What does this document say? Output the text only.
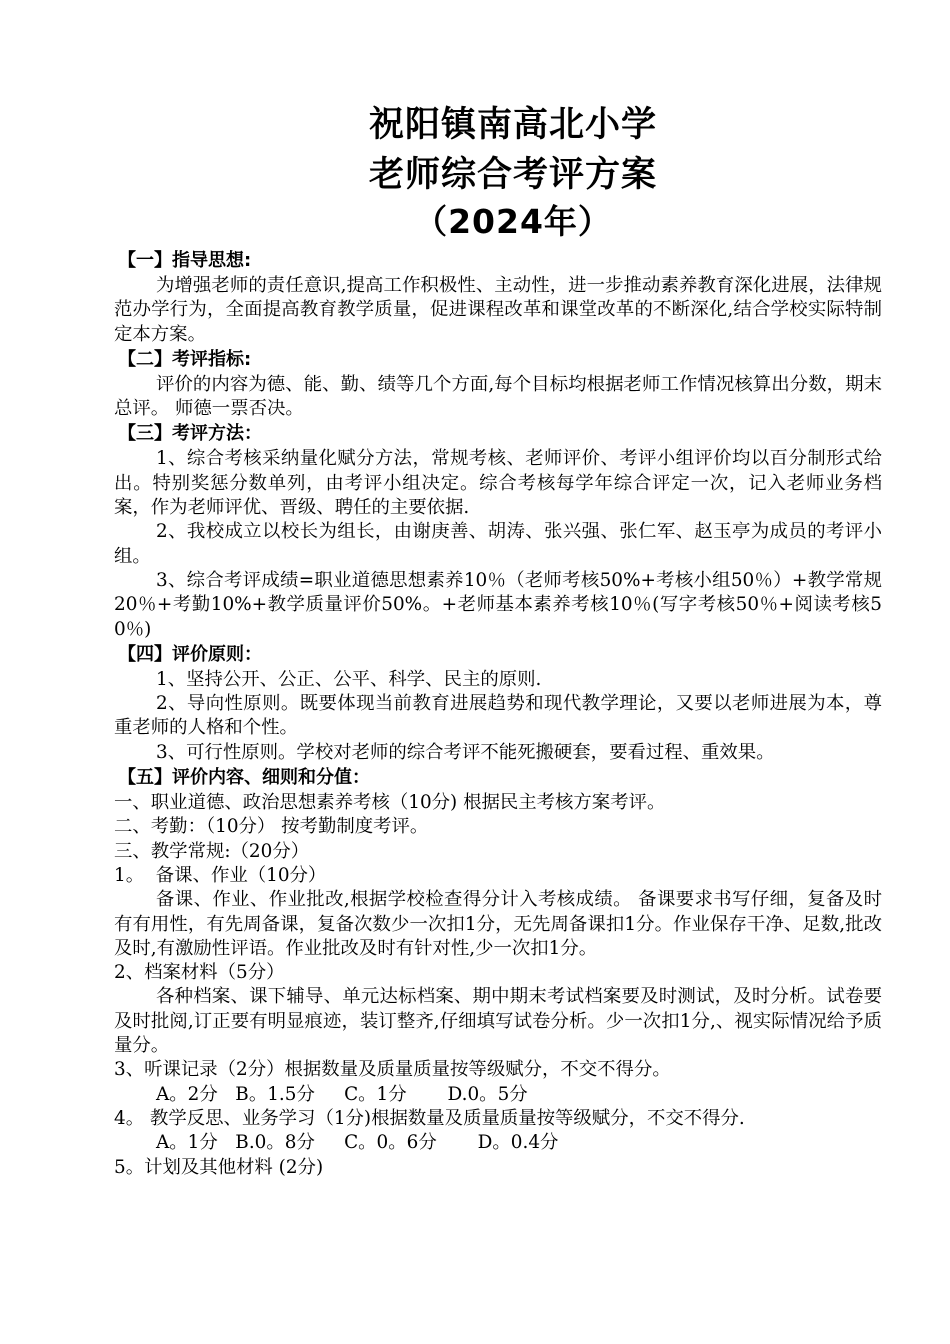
祝阳镇南高北小学
老师综合考评方案
（2024年）
【一】指导思想:
为增强老师的责任意识,提高工作积极性、主动性，进一步推动素养教育深化进展，法律规范办学行为，全面提高教育教学质量，促进课程改革和课堂改革的不断深化,结合学校实际特制定本方案。
【二】考评指标:
评价的内容为德、能、勤、绩等几个方面,每个目标均根据老师工作情况核算出分数，期末总评。 师德一票否决。
【三】考评方法：
1、综合考核采纳量化赋分方法，常规考核、老师评价、考评小组评价均以百分制形式给出。特别奖惩分数单列，由考评小组决定。综合考核每学年综合评定一次，记入老师业务档案，作为老师评优、晋级、聘任的主要依据.
2、我校成立以校长为组长，由谢庚善、胡涛、张兴强、张仁军、赵玉亭为成员的考评小组。
3、综合考评成绩=职业道德思想素养10％（老师考核50%+考核小组50％）+教学常规20％+考勤10%+教学质量评价50%。+老师基本素养考核10％(写字考核50％+阅读考核50％)
【四】评价原则：
1、坚持公开、公正、公平、科学、民主的原则.
2、导向性原则。既要体现当前教育进展趋势和现代教学理论，又要以老师进展为本，尊重老师的人格和个性。
3、可行性原则。学校对老师的综合考评不能死搬硬套，要看过程、重效果。
【五】评价内容、细则和分值：
一、职业道德、政治思想素养考核（10分) 根据民主考核方案考评。
二、考勤：（10分） 按考勤制度考评。
三、教学常规:（20分）
1。  备课、作业（10分）
备课、作业、作业批改,根据学校检查得分计入考核成绩。 备课要求书写仔细，复备及时有有用性，有先周备课，复备次数少一次扣1分，无先周备课扣1分。作业保存干净、足数,批改及时,有激励性评语。作业批改及时有针对性,少一次扣1分。
2、档案材料（5分）
各种档案、课下辅导、单元达标档案、期中期末考试档案要及时测试，及时分析。试卷要及时批阅,订正要有明显痕迹，装订整齐,仔细填写试卷分析。少一次扣1分,、视实际情况给予质量分。
3、听课记录（2分）根据数量及质量质量按等级赋分，不交不得分。
A。2分   B。1.5分     C。1分       D.0。5分
4。 教学反思、业务学习（1分)根据数量及质量质量按等级赋分，不交不得分.
A。1分   B.0。8分     C。0。6分       D。0.4分
5。计划及其他材料 (2分)
